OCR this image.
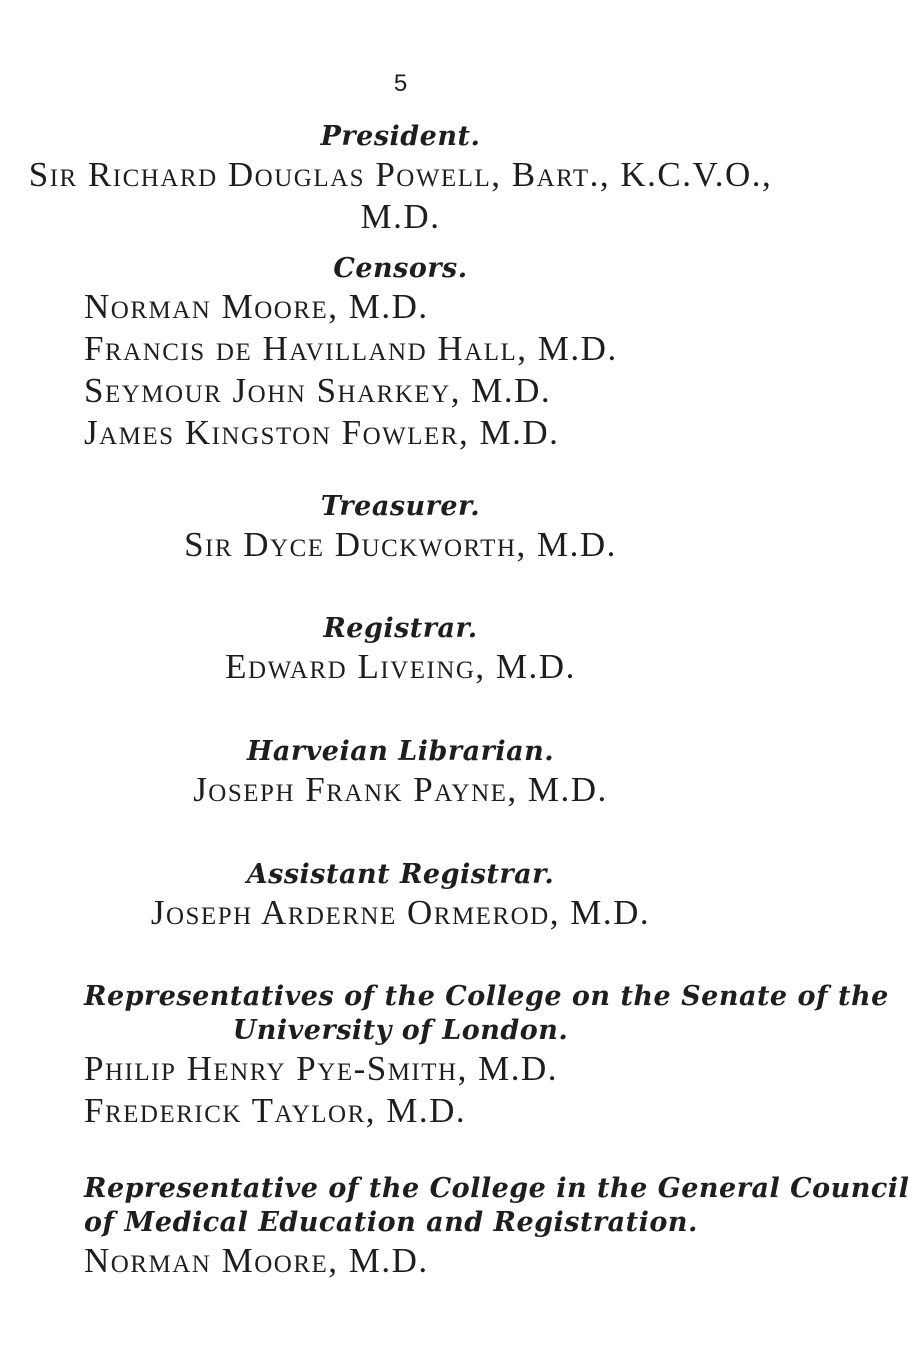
5
President.
Sir Richard Douglas Powell, Bart., K.C.V.O.,
M.D.
Censors.
Norman Moore, M.D.
Francis de Havilland Hall, M.D.
Seymour John Sharkey, M.D.
James Kingston Fowler, M.D.
Treasurer.
Sir Dyce Duckworth, M.D.
Registrar.
Edward Liveing, M.D.
Harveian Librarian.
Joseph Frank Payne, M.D.
Assistant Registrar.
Joseph Arderne Ormerod, M.D.
Representatives of the College on the Senate of the
University of London.
Philip Henry Pye-Smith, M.D.
Frederick Taylor, M.D.
Representative of the College in the General Council
of Medical Education and Registration.
Norman Moore, M.D.
